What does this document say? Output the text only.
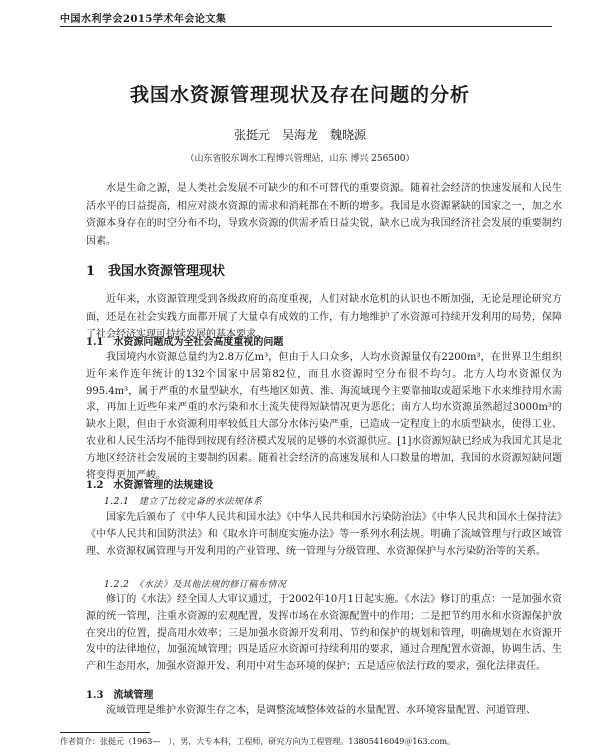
中国水利学会2015学术年会论文集
我国水资源管理现状及存在问题的分析
张挺元　吴海龙　魏晓源
（山东省胶东调水工程博兴管理站，山东 博兴 256500）

水是生命之源，是人类社会发展不可缺少的和不可替代的重要资源。随着社会经济的快速发展和人民生活水平的日益提高，相应对淡水资源的需求和消耗都在不断的增多。我国是水资源紧缺的国家之一，加之水资源本身存在的时空分布不均，导致水资源的供需矛盾日益尖锐，缺水已成为我国经济社会发展的重要制约因素。

1　我国水资源管理现状

近年来，水资源管理受到各级政府的高度重视，人们对缺水危机的认识也不断加强，无论是理论研究方面，还是在社会实践方面都开展了大量卓有成效的工作，有力地维护了水资源可持续开发利用的局势，保障了社会经济实现可持续发展的基本要求。

1.1　水资源问题成为全社会高度重视的问题

我国境内水资源总量约为2.8万亿m³，但由于人口众多，人均水资源量仅有2200m³，在世界卫生组织近年来作连年统计的132个国家中居第82位，而且水资源时空分布很不均匀。北方人均水资源仅为995.4m³，属于严重的水量型缺水，有些地区如黄、淮、海流域现今主要靠抽取或超采地下水来维持用水需求，再加上近些年来严重的水污染和水土流失使得短缺情况更为恶化；南方人均水资源虽然超过3000m³的缺水上限，但由于水资源利用率较低且大部分水体污染严重，已造成一定程度上的水质型缺水，使得工业、农业和人民生活均不能得到按现有经济模式发展的足够的水资源供应。[1]水资源短缺已经成为我国尤其是北方地区经济社会发展的主要制约因素。随着社会经济的高速发展和人口数量的增加，我国的水资源短缺问题将变得更加严峻。

1.2　水资源管理的法规建设
1.2.1　建立了比较完备的水法规体系

国家先后颁布了《中华人民共和国水法》《中华人民共和国水污染防治法》《中华人民共和国水土保持法》《中华人民共和国防洪法》和《取水许可制度实施办法》等一系列水利法规。明确了流域管理与行政区域管理、水资源权属管理与开发利用的产业管理、统一管理与分级管理、水资源保护与水污染防治等的关系。

1.2.2　《水法》及其他法规的修订稿布情况

修订的《水法》经全国人大审议通过，于2002年10月1日起实施。《水法》修订的重点：一是加强水资源的统一管理，注重水资源的宏观配置，发挥市场在水资源配置中的作用；二是把节约用水和水资源保护放在突出的位置，提高用水效率；三是加强水资源开发利用、节约和保护的规划和管理，明确规划在水资源开发中的法律地位，加强流域管理；四是适应水资源可持续利用的要求，通过合理配置水资源，协调生活、生产和生态用水，加强水资源开发、利用中对生态环境的保护；五是适应依法行政的要求，强化法律责任。

1.3　流域管理

流域管理是维护水资源生存之本，是调整流域整体效益的水量配置、水环境容量配置、河道管理、

作者简介：张挺元（1963—　），男，大专本科，工程师，研究方向为工程管理。13805416049＠163.com。
